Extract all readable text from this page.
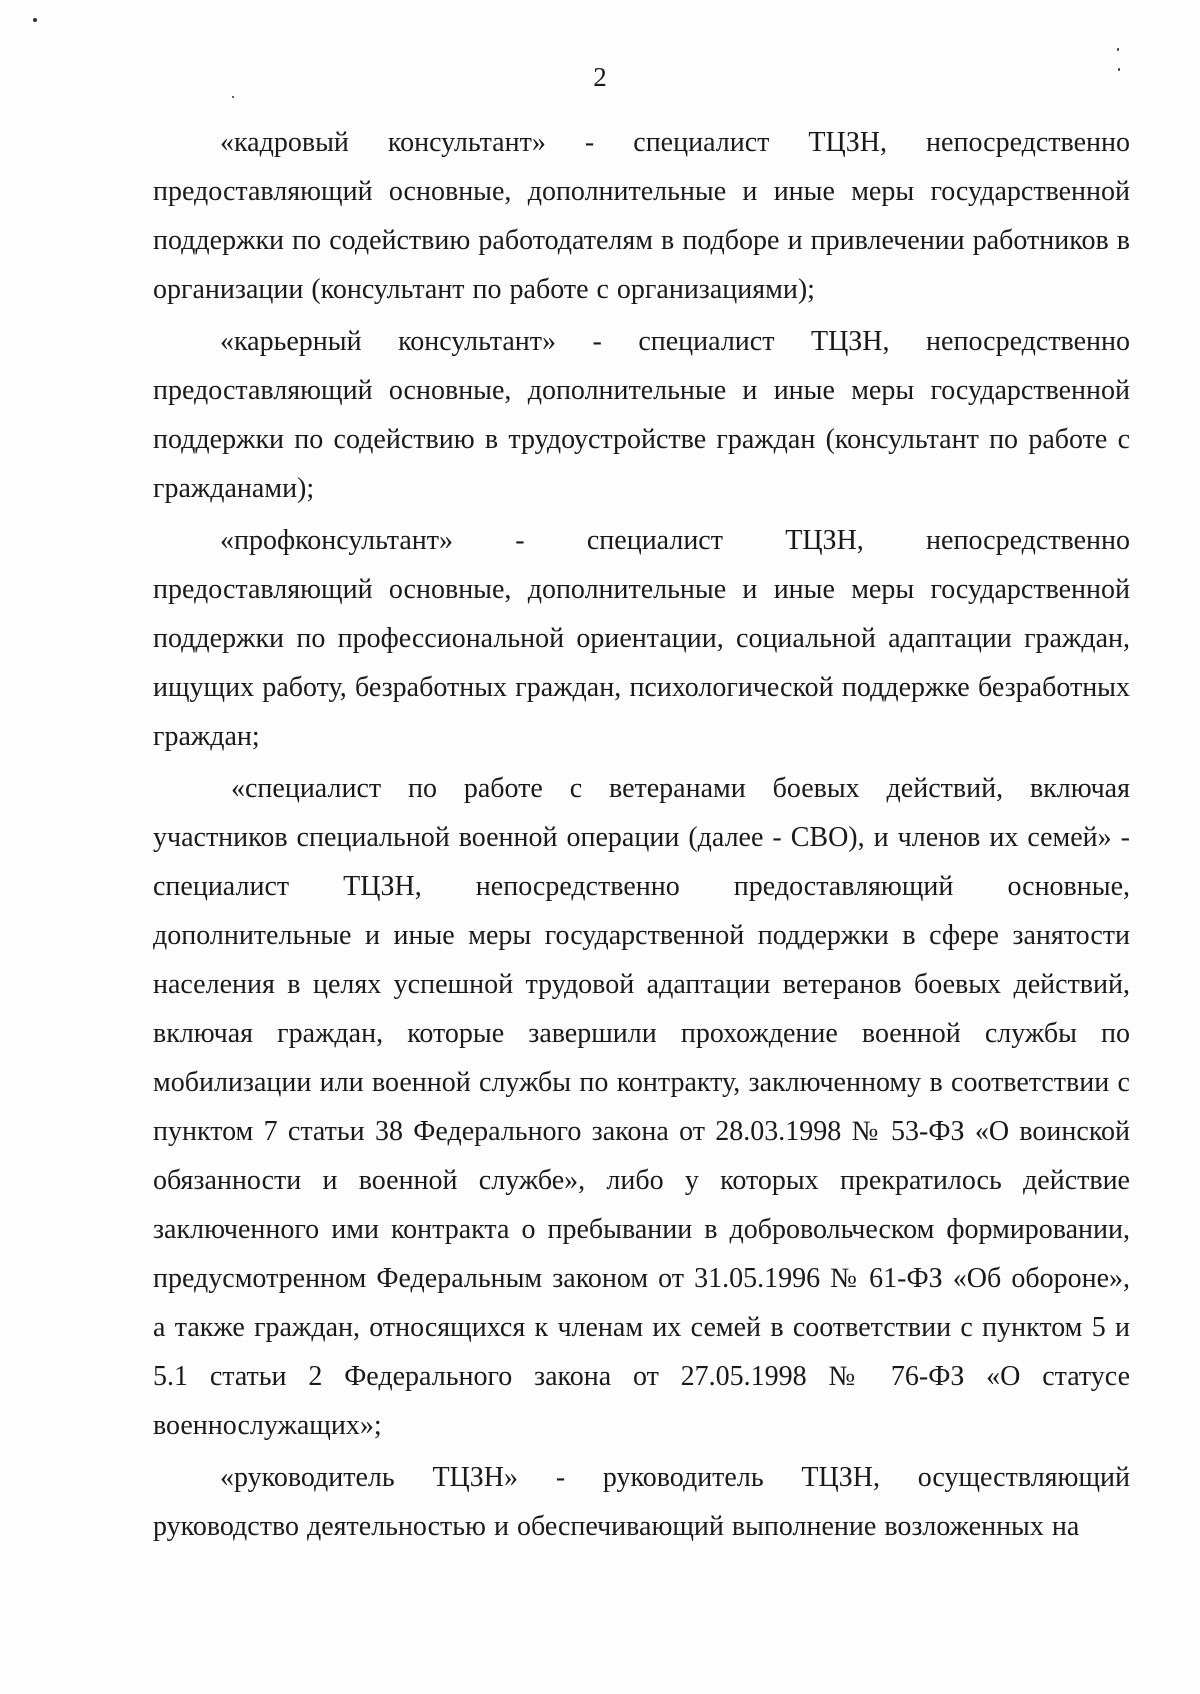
2

«кадровый консультант» - специалист ТЦЗН, непосредственно предоставляющий основные, дополнительные и иные меры государственной поддержки по содействию работодателям в подборе и привлечении работников в организации (консультант по работе с организациями);

«карьерный консультант» - специалист ТЦЗН, непосредственно предоставляющий основные, дополнительные и иные меры государственной поддержки по содействию в трудоустройстве граждан (консультант по работе с гражданами);

«профконсультант» - специалист ТЦЗН, непосредственно предоставляющий основные, дополнительные и иные меры государственной поддержки по профессиональной ориентации, социальной адаптации граждан, ищущих работу, безработных граждан, психологической поддержке безработных граждан;

«специалист по работе с ветеранами боевых действий, включая участников специальной военной операции (далее - СВО), и членов их семей» - специалист ТЦЗН, непосредственно предоставляющий основные, дополнительные и иные меры государственной поддержки в сфере занятости населения в целях успешной трудовой адаптации ветеранов боевых действий, включая граждан, которые завершили прохождение военной службы по мобилизации или военной службы по контракту, заключенному в соответствии с пунктом 7 статьи 38 Федерального закона от 28.03.1998 № 53-ФЗ «О воинской обязанности и военной службе», либо у которых прекратилось действие заключенного ими контракта о пребывании в добровольческом формировании, предусмотренном Федеральным законом от 31.05.1996 № 61-ФЗ «Об обороне», а также граждан, относящихся к членам их семей в соответствии с пунктом 5 и 5.1 статьи 2 Федерального закона от 27.05.1998 № 76-ФЗ «О статусе военнослужащих»;

«руководитель ТЦЗН» - руководитель ТЦЗН, осуществляющий руководство деятельностью и обеспечивающий выполнение возложенных на
